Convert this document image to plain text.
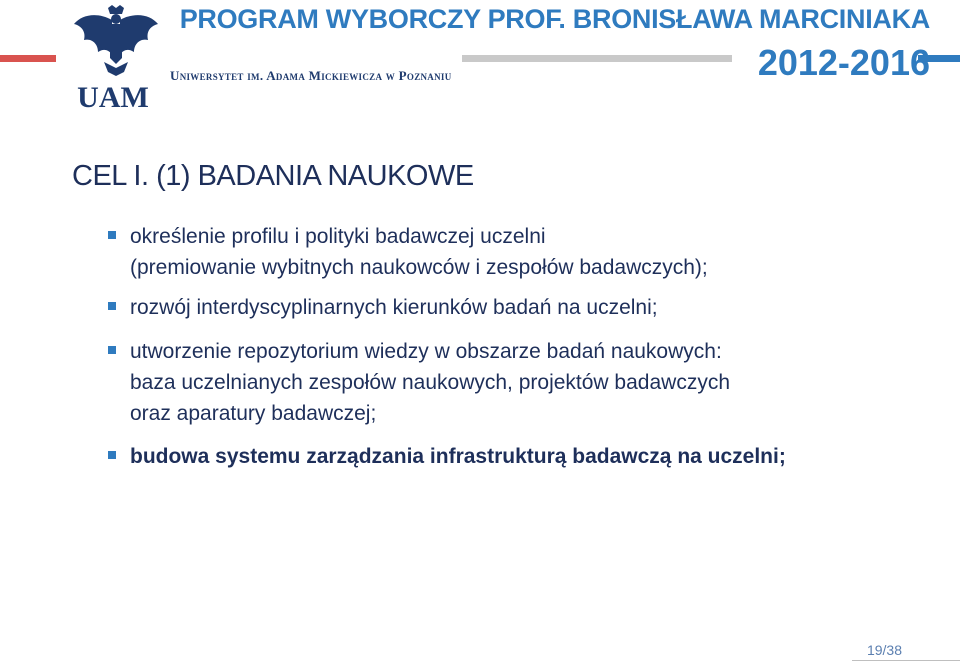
UAM
PROGRAM WYBORCZY PROF. BRONISŁAWA MARCINIAKA
2012-2016
Uniwersytet im. Adama Mickiewicza w Poznaniu
CEL I. (1) BADANIA NAUKOWE
określenie profilu i polityki badawczej uczelni
(premiowanie wybitnych naukowców i zespołów badawczych);
rozwój interdyscyplinarnych kierunków badań na uczelni;
utworzenie repozytorium wiedzy w obszarze badań naukowych:
baza uczelnianych zespołów naukowych, projektów badawczych
oraz aparatury badawczej;
budowa systemu zarządzania infrastrukturą badawczą na uczelni;
19/38
